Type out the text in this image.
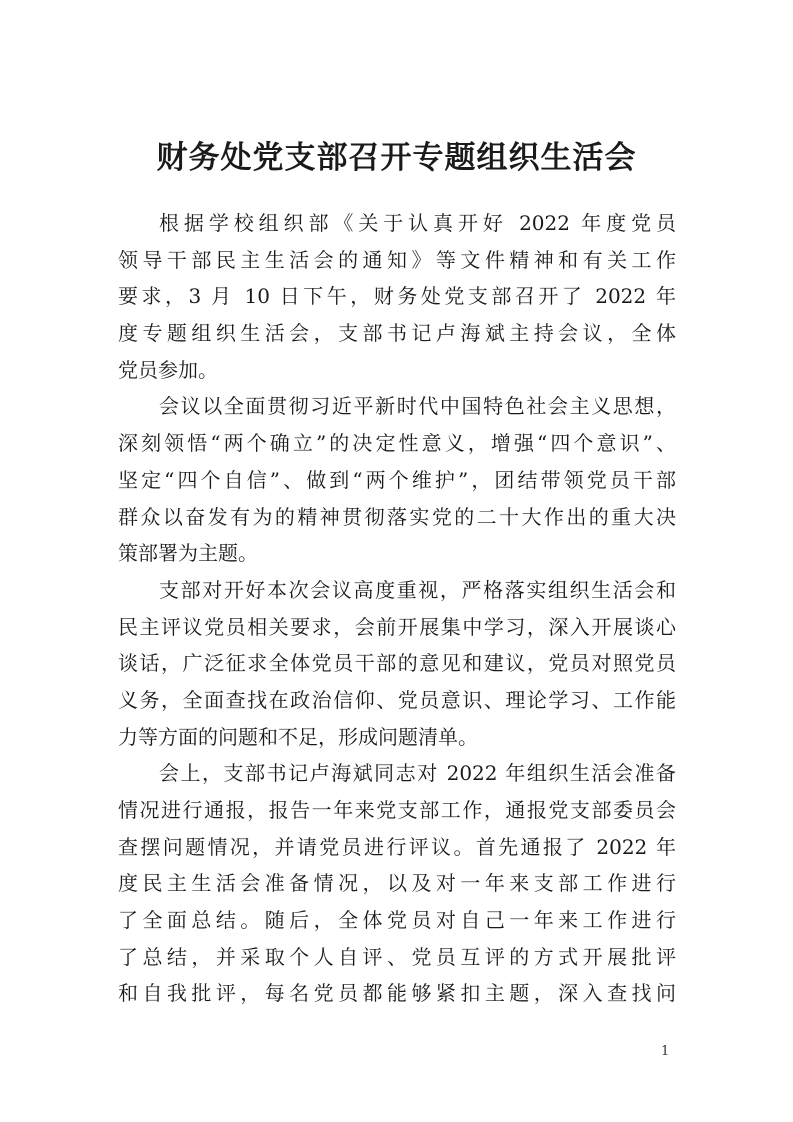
财务处党支部召开专题组织生活会
根据学校组织部《关于认真开好 2022 年度党员
领导干部民主生活会的通知》等文件精神和有关工作
要求，3 月 10 日下午，财务处党支部召开了 2022 年
度专题组织生活会，支部书记卢海斌主持会议，全体
党员参加。
会议以全面贯彻习近平新时代中国特色社会主义思想，
深刻领悟“两个确立”的决定性意义，增强“四个意识”、
坚定“四个自信”、做到“两个维护”，团结带领党员干部
群众以奋发有为的精神贯彻落实党的二十大作出的重大决
策部署为主题。
支部对开好本次会议高度重视，严格落实组织生活会和
民主评议党员相关要求，会前开展集中学习，深入开展谈心
谈话，广泛征求全体党员干部的意见和建议，党员对照党员
义务，全面查找在政治信仰、党员意识、理论学习、工作能
力等方面的问题和不足，形成问题清单。
会上，支部书记卢海斌同志对 2022 年组织生活会准备
情况进行通报，报告一年来党支部工作，通报党支部委员会
查摆问题情况，并请党员进行评议。首先通报了 2022 年
度民主生活会准备情况，以及对一年来支部工作进行
了全面总结。随后，全体党员对自己一年来工作进行
了总结，并采取个人自评、党员互评的方式开展批评
和自我批评，每名党员都能够紧扣主题，深入查找问
1
